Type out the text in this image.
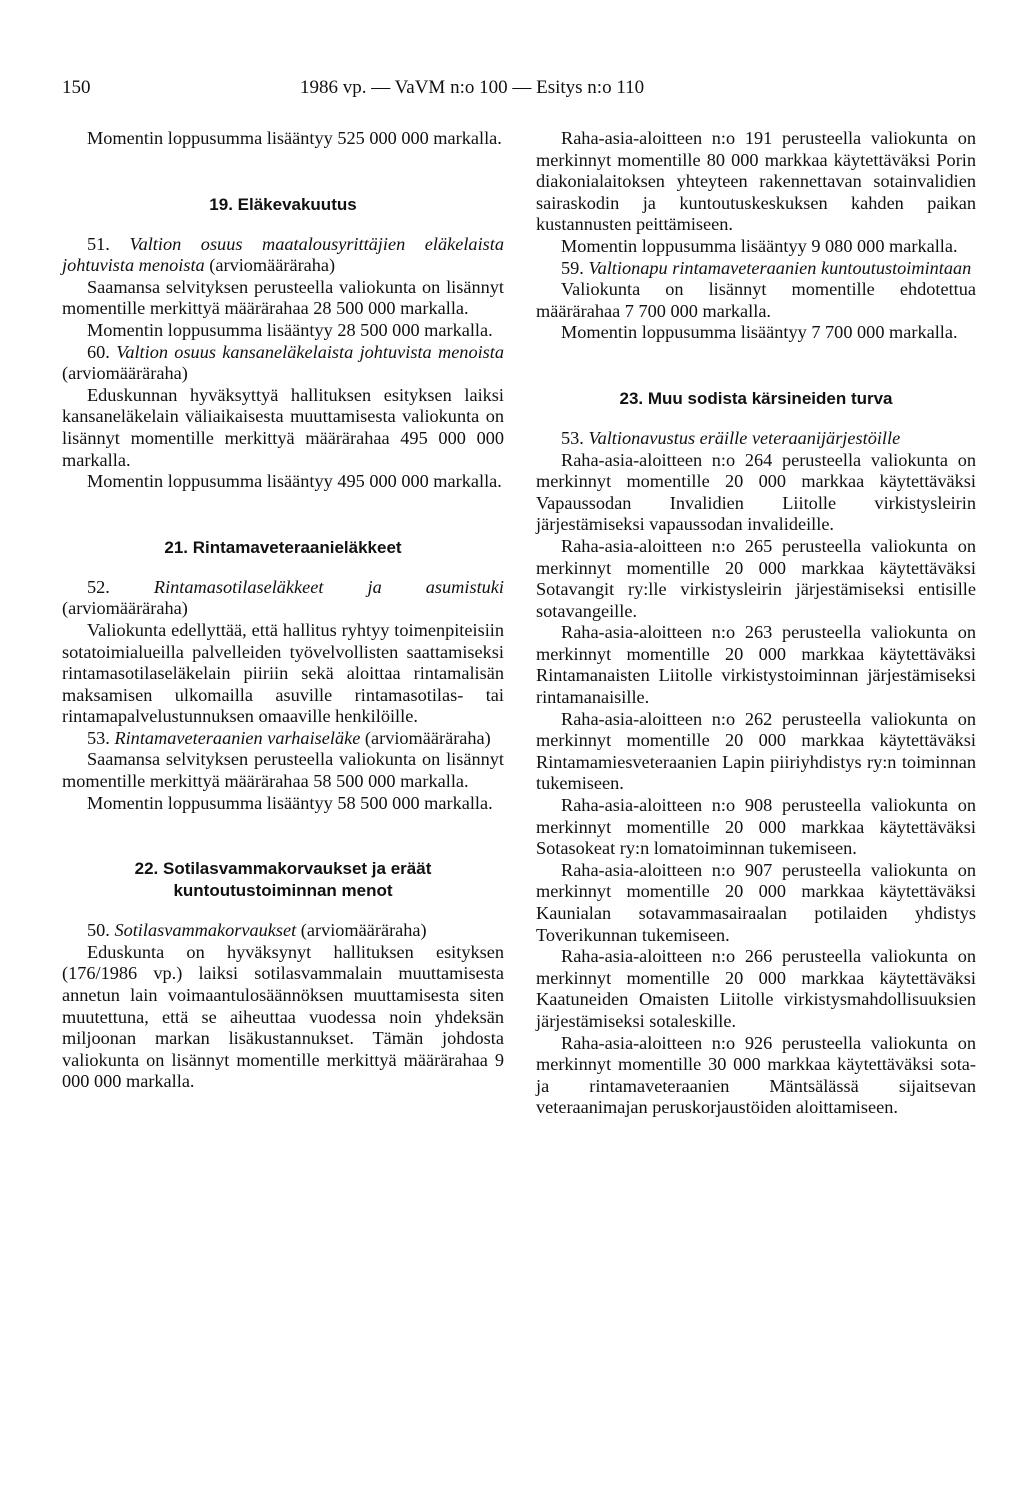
150	1986 vp. — VaVM n:o 100 — Esitys n:o 110

Momentin loppusumma lisääntyy 525 000 000 markalla.

19. Eläkevakuutus

51. Valtion osuus maatalousyrittäjien eläkelaista johtuvista menoista (arviomääräraha)

Saamansa selvityksen perusteella valiokunta on lisännyt momentille merkittyä määrärahaa 28 500 000 markalla.

Momentin loppusumma lisääntyy 28 500 000 markalla.

60. Valtion osuus kansaneläkelaista johtuvista menoista (arviomääräraha)

Eduskunnan hyväksyttyä hallituksen esityksen laiksi kansaneläkelain väliaikaisesta muuttamisesta valiokunta on lisännyt momentille merkittyä määrärahaa 495 000 000 markalla.

Momentin loppusumma lisääntyy 495 000 000 markalla.

21. Rintamaveteraanieläkkeet

52. Rintamasotilaseläkkeet ja asumistuki (arviomääräraha)

Valiokunta edellyttää, että hallitus ryhtyy toimenpiteisiin sotatoimialueilla palvelleiden työvelvollisten saattamiseksi rintamasotilaseläkelain piiriin sekä aloittaa rintamalisän maksamisen ulkomailla asuville rintamasotilas- tai rintamapalvelustunnuksen omaaville henkilöille.

53. Rintamaveteraanien varhaiseläke (arviomääräraha)

Saamansa selvityksen perusteella valiokunta on lisännyt momentille merkittyä määrärahaa 58 500 000 markalla.

Momentin loppusumma lisääntyy 58 500 000 markalla.

22. Sotilasvammakorvaukset ja eräät kuntoutustoiminnan menot

50. Sotilasvammakorvaukset (arviomääräraha)

Eduskunta on hyväksynyt hallituksen esityksen (176/1986 vp.) laiksi sotilasvammalain muuttamisesta annetun lain voimaantulosäännöksen muuttamisesta siten muutettuna, että se aiheuttaa vuodessa noin yhdeksän miljoonan markan lisäkustannukset. Tämän johdosta valiokunta on lisännyt momentille merkittyä määrärahaa 9 000 000 markalla.

Raha-asia-aloitteen n:o 191 perusteella valiokunta on merkinnyt momentille 80 000 markkaa käytettäväksi Porin diakonialaitoksen yhteyteen rakennettavan sotainvalidien sairaskodin ja kuntoutuskeskuksen kahden paikan kustannusten peittämiseen.

Momentin loppusumma lisääntyy 9 080 000 markalla.

59. Valtionapu rintamaveteraanien kuntoutustoimintaan

Valiokunta on lisännyt momentille ehdotettua määrärahaa 7 700 000 markalla.

Momentin loppusumma lisääntyy 7 700 000 markalla.

23. Muu sodista kärsineiden turva

53. Valtionavustus eräille veteraanijärjestöille

Raha-asia-aloitteen n:o 264 perusteella valiokunta on merkinnyt momentille 20 000 markkaa käytettäväksi Vapaussodan Invalidien Liitolle virkistysleirin järjestämiseksi vapaussodan invalideille.

Raha-asia-aloitteen n:o 265 perusteella valiokunta on merkinnyt momentille 20 000 markkaa käytettäväksi Sotavangit ry:lle virkistysleirin järjestämiseksi entisille sotavangeille.

Raha-asia-aloitteen n:o 263 perusteella valiokunta on merkinnyt momentille 20 000 markkaa käytettäväksi Rintamanaisten Liitolle virkistystoiminnan järjestämiseksi rintamanaisille.

Raha-asia-aloitteen n:o 262 perusteella valiokunta on merkinnyt momentille 20 000 markkaa käytettäväksi Rintamamiesveteraanien Lapin piiriyhdistys ry:n toiminnan tukemiseen.

Raha-asia-aloitteen n:o 908 perusteella valiokunta on merkinnyt momentille 20 000 markkaa käytettäväksi Sotasokeat ry:n lomatoiminnan tukemiseen.

Raha-asia-aloitteen n:o 907 perusteella valiokunta on merkinnyt momentille 20 000 markkaa käytettäväksi Kaunialan sotavammasairaalan potilaiden yhdistys Toverikunnan tukemiseen.

Raha-asia-aloitteen n:o 266 perusteella valiokunta on merkinnyt momentille 20 000 markkaa käytettäväksi Kaatuneiden Omaisten Liitolle virkistysmahdollisuuksien järjestämiseksi sotaleskille.

Raha-asia-aloitteen n:o 926 perusteella valiokunta on merkinnyt momentille 30 000 markkaa käytettäväksi sota- ja rintamaveteraanien Mäntsälässä sijaitsevan veteraanimajan peruskorjaustöiden aloittamiseen.
